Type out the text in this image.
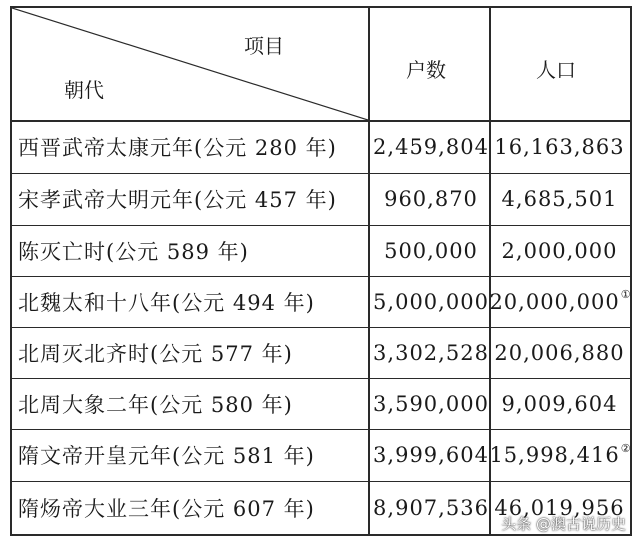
项目
朝代
户数	人口
西晋武帝太康元年(公元 280 年)	2,459,804 16,163,863
宋孝武帝大明元年(公元 457 年)	960,870	4,685,501
陈灭亡时(公元 589 年)	500,000	2,000,000
北魏太和十八年(公元 494 年)	5,000,000 20,000,000 ①
北周灭北齐时(公元 577 年)	3,302,528 20,006,880
北周大象二年(公元 580 年)	3,590,000 9,009,604
隋文帝开皇元年(公元 581 年)	3,999,604 15,998,416 ②
隋炀帝大业三年(公元 607 年)	8,907,536 46,019,956
头条 @澳古说历史
